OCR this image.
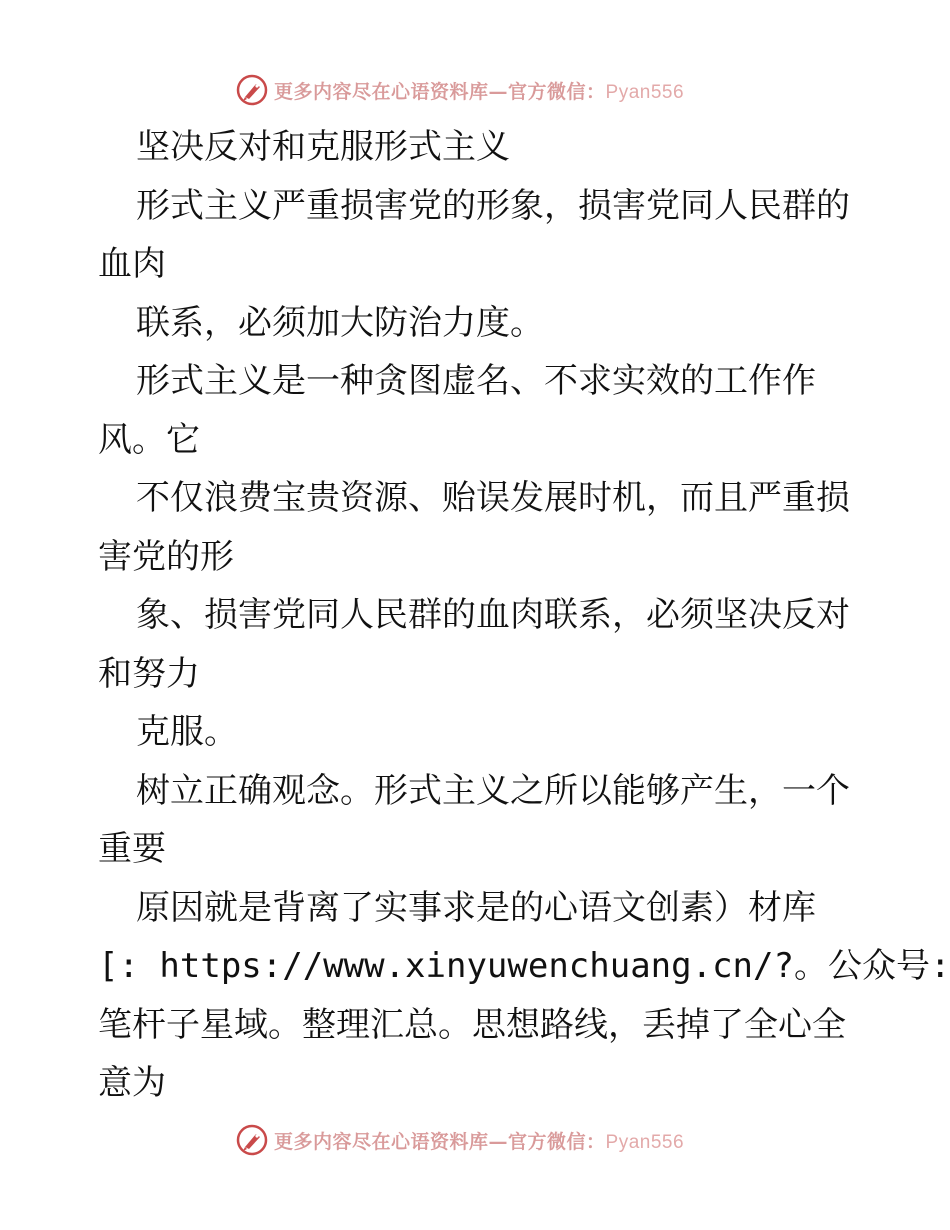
更多内容尽在心语资料库—官方微信：Pyan556
坚决反对和克服形式主义
形式主义严重损害党的形象，损害党同人民群的
血肉
联系，必须加大防治力度。
形式主义是一种贪图虚名、不求实效的工作作
风。它
不仅浪费宝贵资源、贻误发展时机，而且严重损
害党的形
象、损害党同人民群的血肉联系，必须坚决反对
和努力
克服。
树立正确观念。形式主义之所以能够产生，一个
重要
原因就是背离了实事求是的心语文创素）材库
[: https://www.xinyuwenchuang.cn/?。公众号:
笔杆子星域。整理汇总。思想路线，丢掉了全心全
意为
更多内容尽在心语资料库—官方微信：Pyan556
